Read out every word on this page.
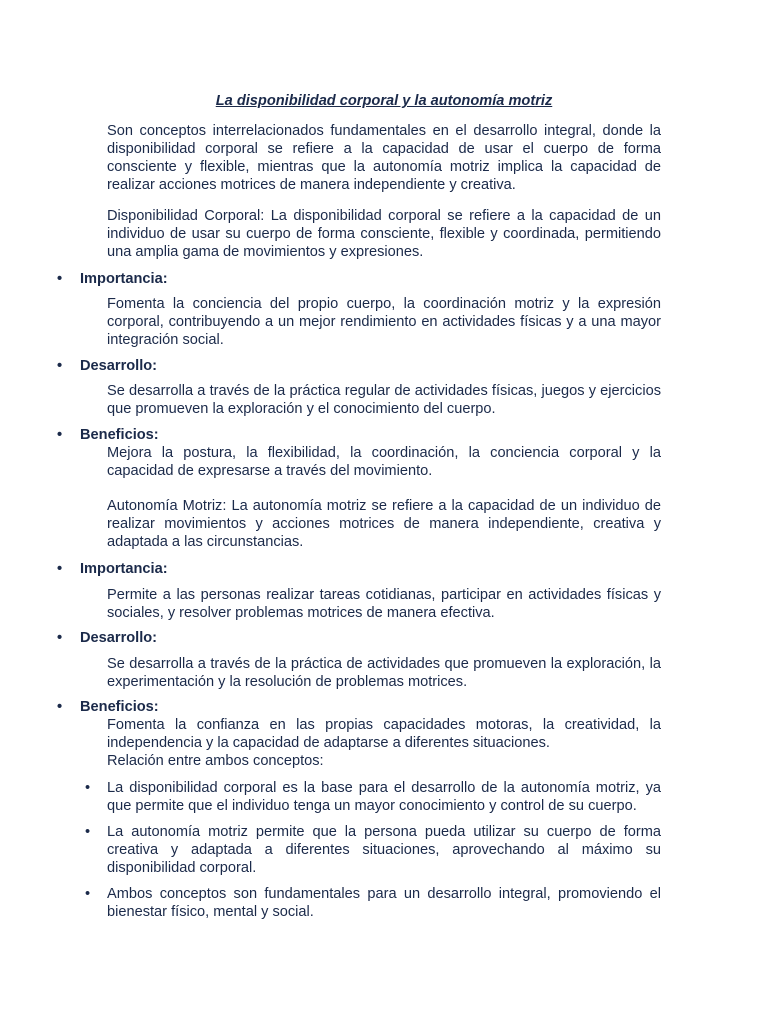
La disponibilidad corporal y la autonomía motriz
Son conceptos interrelacionados fundamentales en el desarrollo integral, donde la disponibilidad corporal se refiere a la capacidad de usar el cuerpo de forma consciente y flexible, mientras que la autonomía motriz implica la capacidad de realizar acciones motrices de manera independiente y creativa.
Disponibilidad Corporal: La disponibilidad corporal se refiere a la capacidad de un individuo de usar su cuerpo de forma consciente, flexible y coordinada, permitiendo una amplia gama de movimientos y expresiones.
• Importancia:
Fomenta la conciencia del propio cuerpo, la coordinación motriz y la expresión corporal, contribuyendo a un mejor rendimiento en actividades físicas y a una mayor integración social.
• Desarrollo:
Se desarrolla a través de la práctica regular de actividades físicas, juegos y ejercicios que promueven la exploración y el conocimiento del cuerpo.
• Beneficios:
Mejora la postura, la flexibilidad, la coordinación, la conciencia corporal y la capacidad de expresarse a través del movimiento.
Autonomía Motriz: La autonomía motriz se refiere a la capacidad de un individuo de realizar movimientos y acciones motrices de manera independiente, creativa y adaptada a las circunstancias.
• Importancia:
Permite a las personas realizar tareas cotidianas, participar en actividades físicas y sociales, y resolver problemas motrices de manera efectiva.
• Desarrollo:
Se desarrolla a través de la práctica de actividades que promueven la exploración, la experimentación y la resolución de problemas motrices.
• Beneficios:
Fomenta la confianza en las propias capacidades motoras, la creatividad, la independencia y la capacidad de adaptarse a diferentes situaciones.
Relación entre ambos conceptos:
• La disponibilidad corporal es la base para el desarrollo de la autonomía motriz, ya que permite que el individuo tenga un mayor conocimiento y control de su cuerpo.
• La autonomía motriz permite que la persona pueda utilizar su cuerpo de forma creativa y adaptada a diferentes situaciones, aprovechando al máximo su disponibilidad corporal.
• Ambos conceptos son fundamentales para un desarrollo integral, promoviendo el bienestar físico, mental y social.
